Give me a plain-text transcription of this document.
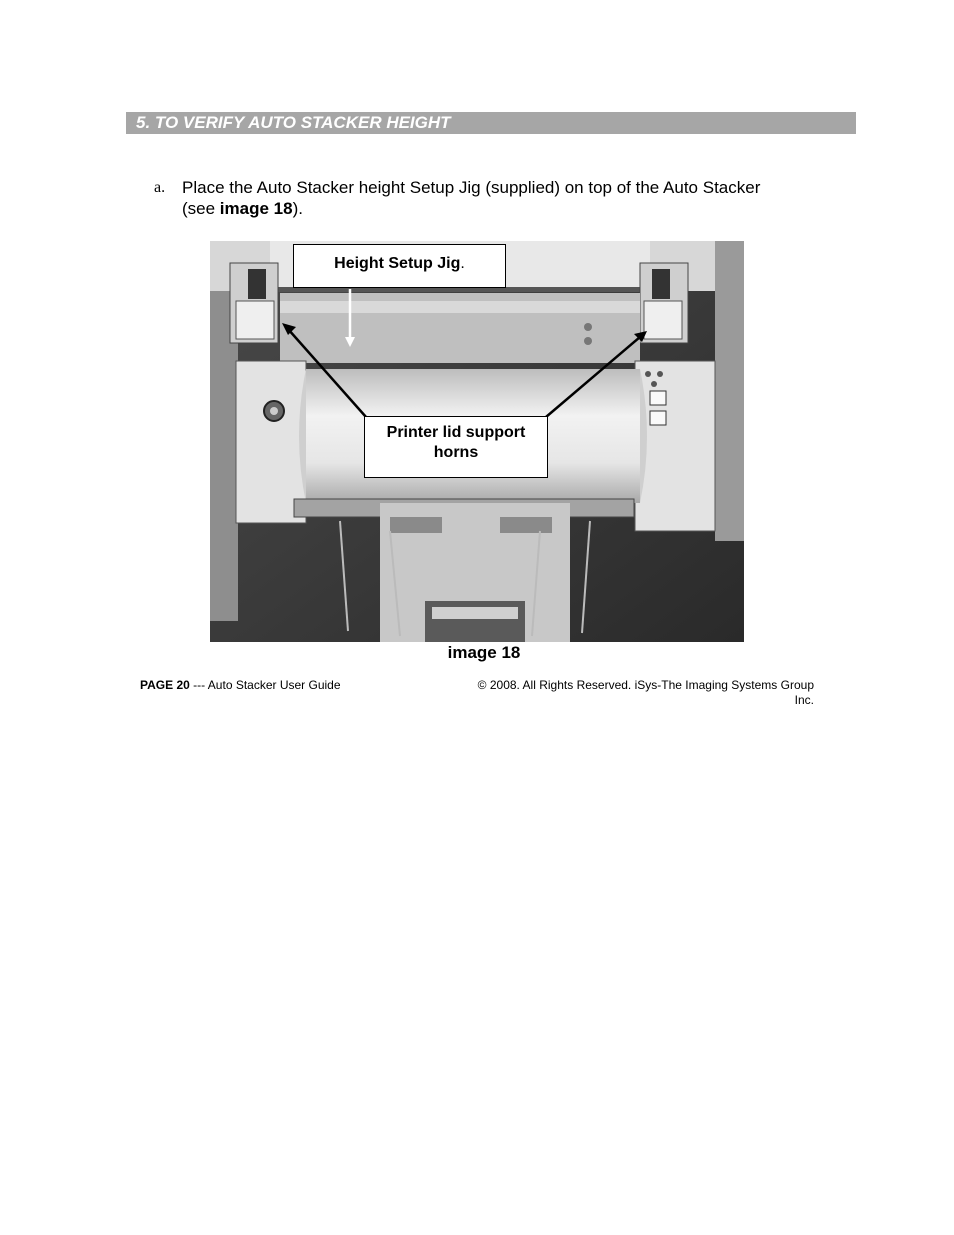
5. TO VERIFY AUTO STACKER HEIGHT
a. Place the Auto Stacker height Setup Jig (supplied) on top of the Auto Stacker (see image 18).
Height Setup Jig.
Printer lid support horns
image 18
PAGE 20 --- Auto Stacker User Guide	© 2008. All Rights Reserved. iSys-The Imaging Systems Group Inc.
